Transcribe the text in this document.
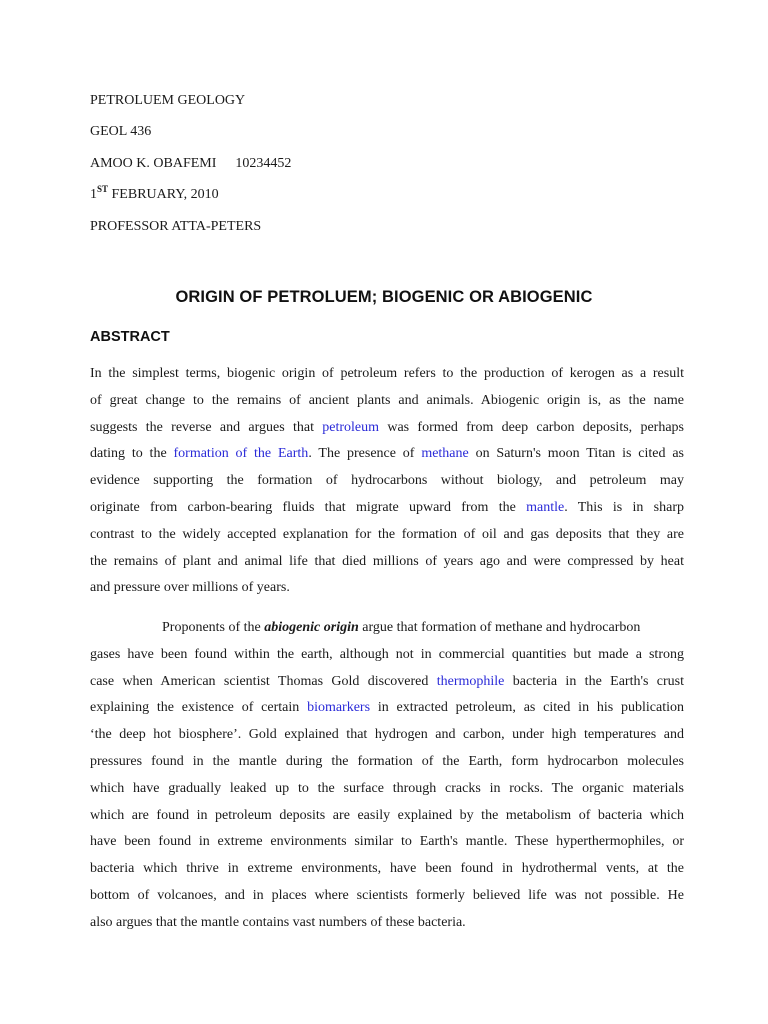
PETROLUEM GEOLOGY
GEOL 436
AMOO K. OBAFEMI 10234452
1ST FEBRUARY, 2010
PROFESSOR ATTA-PETERS
ORIGIN OF PETROLUEM; BIOGENIC OR ABIOGENIC
ABSTRACT
In the simplest terms, biogenic origin of petroleum refers to the production of kerogen as a result
of great change to the remains of ancient plants and animals. Abiogenic origin is, as the name
suggests the reverse and argues that petroleum was formed from deep carbon deposits, perhaps
dating to the formation of the Earth. The presence of methane on Saturn's moon Titan is cited as
evidence supporting the formation of hydrocarbons without biology, and petroleum may
originate from carbon-bearing fluids that migrate upward from the mantle. This is in sharp
contrast to the widely accepted explanation for the formation of oil and gas deposits that they are
the remains of plant and animal life that died millions of years ago and were compressed by heat
and pressure over millions of years.
Proponents of the abiogenic origin argue that formation of methane and hydrocarbon
gases have been found within the earth, although not in commercial quantities but made a strong
case when American scientist Thomas Gold discovered thermophile bacteria in the Earth's crust
explaining the existence of certain biomarkers in extracted petroleum, as cited in his publication
‘the deep hot biosphere’. Gold explained that hydrogen and carbon, under high temperatures and
pressures found in the mantle during the formation of the Earth, form hydrocarbon molecules
which have gradually leaked up to the surface through cracks in rocks. The organic materials
which are found in petroleum deposits are easily explained by the metabolism of bacteria which
have been found in extreme environments similar to Earth's mantle. These hyperthermophiles, or
bacteria which thrive in extreme environments, have been found in hydrothermal vents, at the
bottom of volcanoes, and in places where scientists formerly believed life was not possible. He
also argues that the mantle contains vast numbers of these bacteria.
